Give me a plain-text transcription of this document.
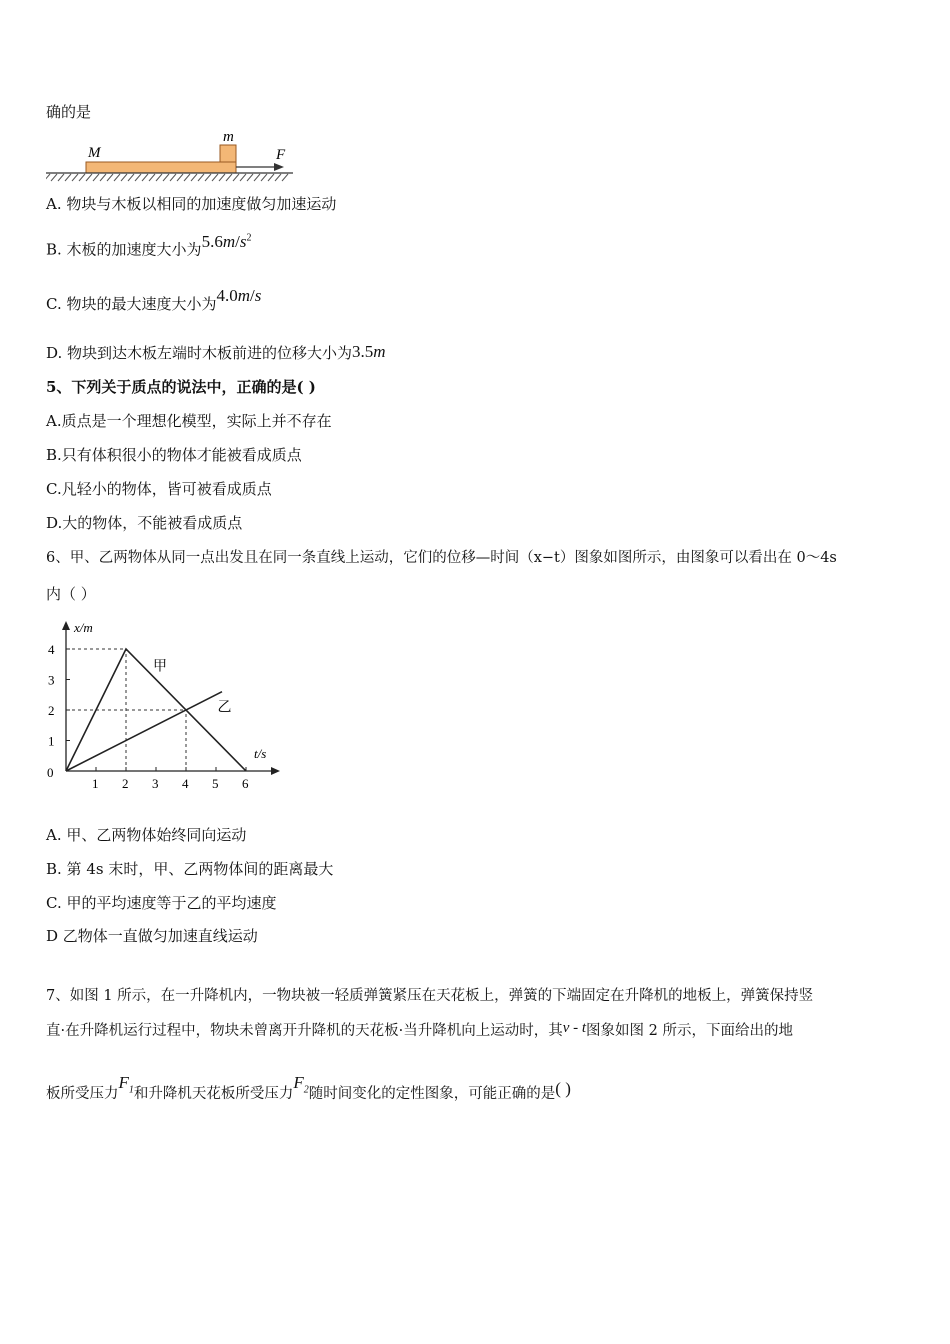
确的是
M
m
F
A. 物块与木板以相同的加速度做匀加速运动
B. 木板的加速度大小为$5.6m/s^2$
C. 物块的最大速度大小为4.0m/s
D. 物块到达木板左端时木板前进的位移大小为3.5m
5、下列关于质点的说法中，正确的是( )
A.质点是一个理想化模型，实际上并不存在
B.只有体积很小的物体才能被看成质点
C.凡轻小的物体，皆可被看成质点
D.大的物体，不能被看成质点
6、甲、乙两物体从同一点出发且在同一条直线上运动，它们的位移—时间（x−t）图象如图所示，由图象可以看出在 0～4s
内（ ）
x/m
t/s
0
1 2 3 4 5 6
1
2
3
4
甲
乙
A. 甲、乙两物体始终同向运动
B. 第 4s 末时，甲、乙两物体间的距离最大
C. 甲的平均速度等于乙的平均速度
D 乙物体一直做匀加速直线运动
7、如图 1 所示，在一升降机内，一物块被一轻质弹簧紧压在天花板上，弹簧的下端固定在升降机的地板上，弹簧保持竖
直·在升降机运行过程中，物块未曾离开升降机的天花板·当升降机向上运动时，其v - t图象如图 2 所示，下面给出的地
板所受压力$F_1$和升降机天花板所受压力$F_2$随时间变化的定性图象，可能正确的是( )
